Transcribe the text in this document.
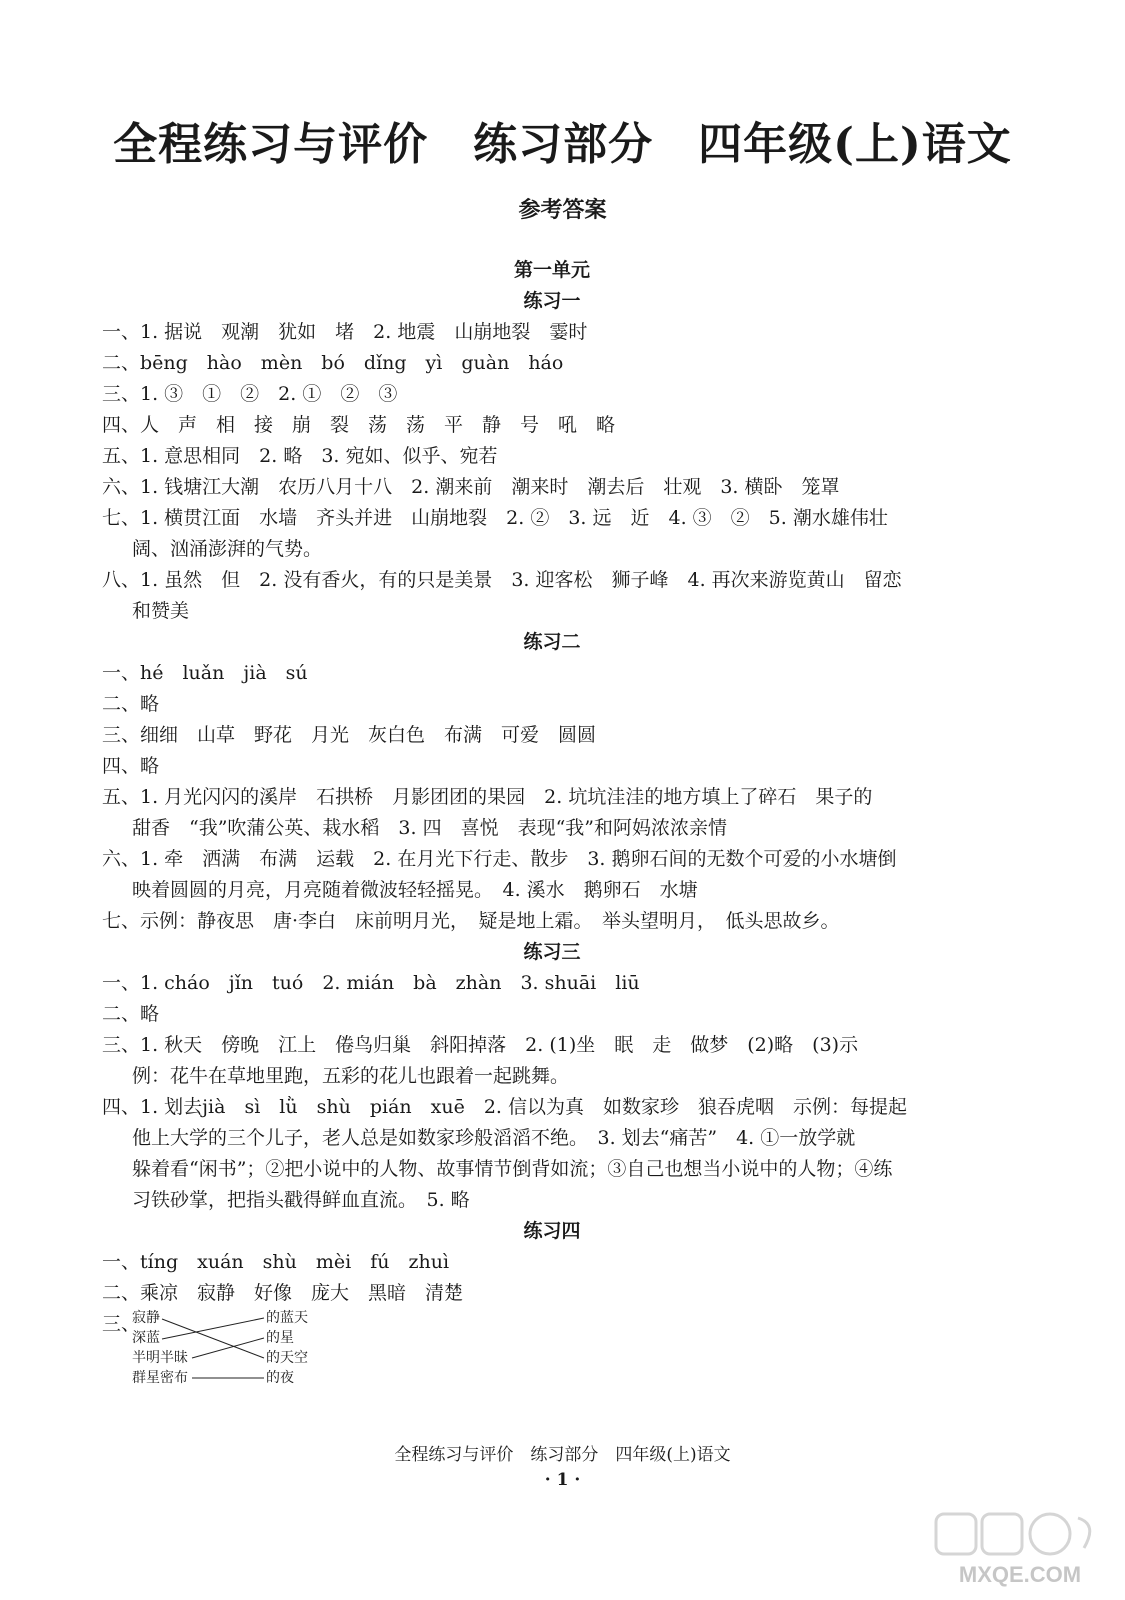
全程练习与评价　练习部分　四年级(上)语文
参考答案
第一单元
练习一
一、1. 据说　观潮　犹如　堵　2. 地震　山崩地裂　霎时
二、bēng　hào　mèn　bó　dǐng　yì　guàn　háo
三、1. ③　①　②　2. ①　②　③
四、人　声　相　接　崩　裂　荡　荡　平　静　号　吼　略
五、1. 意思相同　2. 略　3. 宛如、似乎、宛若
六、1. 钱塘江大潮　农历八月十八　2. 潮来前　潮来时　潮去后　壮观　3. 横卧　笼罩
七、1. 横贯江面　水墙　齐头并进　山崩地裂　2. ②　3. 远　近　4. ③　②　5. 潮水雄伟壮
阔、汹涌澎湃的气势。
八、1. 虽然　但　2. 没有香火，有的只是美景　3. 迎客松　狮子峰　4. 再次来游览黄山　留恋
和赞美
练习二
一、hé　luǎn　jià　sú
二、略
三、细细　山草　野花　月光　灰白色　布满　可爱　圆圆
四、略
五、1. 月光闪闪的溪岸　石拱桥　月影团团的果园　2. 坑坑洼洼的地方填上了碎石　果子的
甜香　“我”吹蒲公英、栽水稻　3. 四　喜悦　表现“我”和阿妈浓浓亲情
六、1. 牵　洒满　布满　运载　2. 在月光下行走、散步　3. 鹅卵石间的无数个可爱的小水塘倒
映着圆圆的月亮，月亮随着微波轻轻摇晃。　4. 溪水　鹅卵石　水塘
七、示例：静夜思　唐·李白　床前明月光，　疑是地上霜。　举头望明月，　低头思故乡。
练习三
一、1. cháo　jǐn　tuó　2. mián　bà　zhàn　3. shuāi　liū
二、略
三、1. 秋天　傍晚　江上　倦鸟归巢　斜阳掉落　2. (1)坐　眠　走　做梦　(2)略　(3)示
例：花牛在草地里跑，五彩的花儿也跟着一起跳舞。
四、1. 划去jià　sì　lǜ　shù　pián　xuē　2. 信以为真　如数家珍　狼吞虎咽　示例：每提起
他上大学的三个儿子，老人总是如数家珍般滔滔不绝。　3. 划去“痛苦”　4. ①一放学就
躲着看“闲书”；②把小说中的人物、故事情节倒背如流；③自己也想当小说中的人物；④练
习铁砂掌，把指头戳得鲜血直流。　5. 略
练习四
一、tíng　xuán　shù　mèi　fú　zhuì
二、乘凉　寂静　好像　庞大　黑暗　清楚
三、
寂静
深蓝
半明半昧
群星密布
的蓝天
的星
的天空
的夜
全程练习与评价　练习部分　四年级(上)语文
· 1 ·
MXQE.COM
